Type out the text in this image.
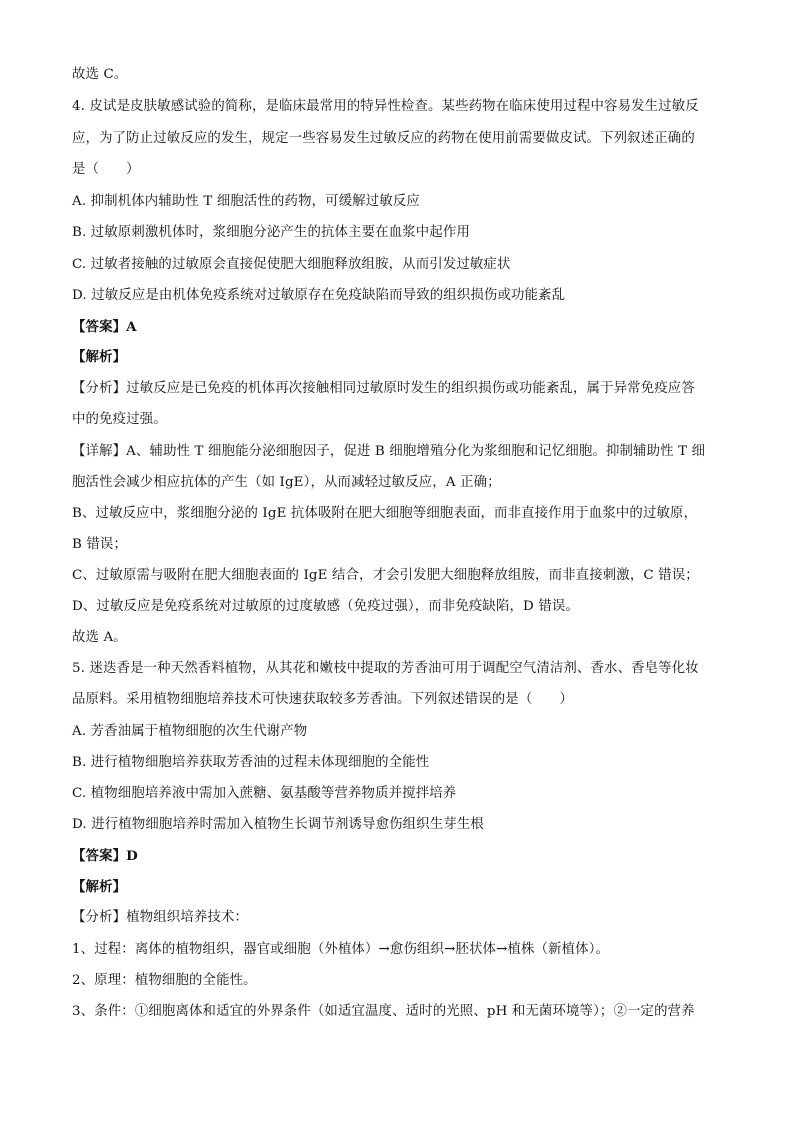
故选 C。
4. 皮试是皮肤敏感试验的简称，是临床最常用的特异性检查。某些药物在临床使用过程中容易发生过敏反
应，为了防止过敏反应的发生，规定一些容易发生过敏反应的药物在使用前需要做皮试。下列叙述正确的
是（　　）
A. 抑制机体内辅助性 T 细胞活性的药物，可缓解过敏反应
B. 过敏原刺激机体时，浆细胞分泌产生的抗体主要在血浆中起作用
C. 过敏者接触的过敏原会直接促使肥大细胞释放组胺，从而引发过敏症状
D. 过敏反应是由机体免疫系统对过敏原存在免疫缺陷而导致的组织损伤或功能紊乱
【答案】A
【解析】
【分析】过敏反应是已免疫的机体再次接触相同过敏原时发生的组织损伤或功能紊乱，属于异常免疫应答
中的免疫过强。
【详解】A、辅助性 T 细胞能分泌细胞因子，促进 B 细胞增殖分化为浆细胞和记忆细胞。抑制辅助性 T 细
胞活性会减少相应抗体的产生（如 IgE），从而减轻过敏反应，A 正确；
B、过敏反应中，浆细胞分泌的 IgE 抗体吸附在肥大细胞等细胞表面，而非直接作用于血浆中的过敏原，
B 错误；
C、过敏原需与吸附在肥大细胞表面的 IgE 结合，才会引发肥大细胞释放组胺，而非直接刺激，C 错误；
D、过敏反应是免疫系统对过敏原的过度敏感（免疫过强），而非免疫缺陷，D 错误。
故选 A。
5. 迷迭香是一种天然香料植物，从其花和嫩枝中提取的芳香油可用于调配空气清洁剂、香水、香皂等化妆
品原料。采用植物细胞培养技术可快速获取较多芳香油。下列叙述错误的是（　　）
A. 芳香油属于植物细胞的次生代谢产物
B. 进行植物细胞培养获取芳香油的过程未体现细胞的全能性
C. 植物细胞培养液中需加入蔗糖、氨基酸等营养物质并搅拌培养
D. 进行植物细胞培养时需加入植物生长调节剂诱导愈伤组织生芽生根
【答案】D
【解析】
【分析】植物组织培养技术：
1、过程：离体的植物组织，器官或细胞（外植体）→愈伤组织→胚状体→植株（新植体）。
2、原理：植物细胞的全能性。
3、条件：①细胞离体和适宜的外界条件（如适宜温度、适时的光照、pH 和无菌环境等）；②一定的营养
